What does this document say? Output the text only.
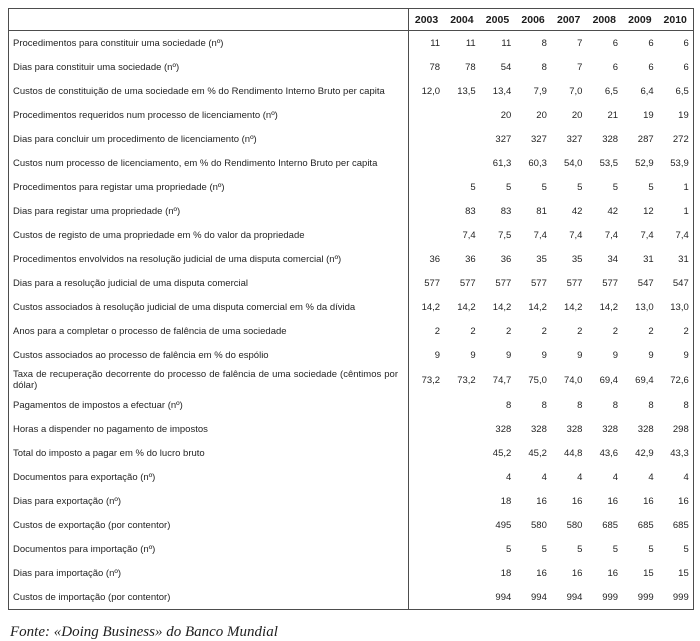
	2003	2004	2005	2006	2007	2008	2009	2010
Procedimentos para constituir uma sociedade (nº)	11	11	11	8	7	6	6	6
Dias para constituir uma sociedade (nº)	78	78	54	8	7	6	6	6
Custos de constituição de uma sociedade em % do Rendimento Interno Bruto per capita	12,0	13,5	13,4	7,9	7,0	6,5	6,4	6,5
Procedimentos requeridos num processo de licenciamento (nº)			20	20	20	21	19	19
Dias para concluir um procedimento de licenciamento (nº)			327	327	327	328	287	272
Custos num processo de licenciamento, em % do Rendimento Interno Bruto per capita			61,3	60,3	54,0	53,5	52,9	53,9
Procedimentos para registar uma propriedade (nº)		5	5	5	5	5	5	1
Dias para registar uma propriedade (nº)		83	83	81	42	42	12	1
Custos de registo de uma propriedade em % do valor da propriedade		7,4	7,5	7,4	7,4	7,4	7,4	7,4
Procedimentos envolvidos na resolução judicial de uma disputa comercial (nº)	36	36	36	35	35	34	31	31
Dias para a resolução judicial de uma disputa comercial	577	577	577	577	577	577	547	547
Custos associados à resolução judicial de uma disputa comercial em % da dívida	14,2	14,2	14,2	14,2	14,2	14,2	13,0	13,0
Anos para a completar o processo de falência de uma sociedade	2	2	2	2	2	2	2	2
Custos associados ao processo de falência em % do espólio	9	9	9	9	9	9	9	9
Taxa de recuperação decorrente do processo de falência de uma sociedade (cêntimos por dólar)	73,2	73,2	74,7	75,0	74,0	69,4	69,4	72,6
Pagamentos de impostos a efectuar (nº)			8	8	8	8	8	8
Horas a dispender no pagamento de impostos			328	328	328	328	328	298
Total do imposto a pagar em % do lucro bruto			45,2	45,2	44,8	43,6	42,9	43,3
Documentos para exportação (nº)			4	4	4	4	4	4
Dias para exportação (nº)			18	16	16	16	16	16
Custos de exportação (por contentor)			495	580	580	685	685	685
Documentos para importação (nº)			5	5	5	5	5	5
Dias para importação (nº)			18	16	16	16	15	15
Custos de importação (por contentor)			994	994	994	999	999	999

Fonte: «Doing Business» do Banco Mundial
